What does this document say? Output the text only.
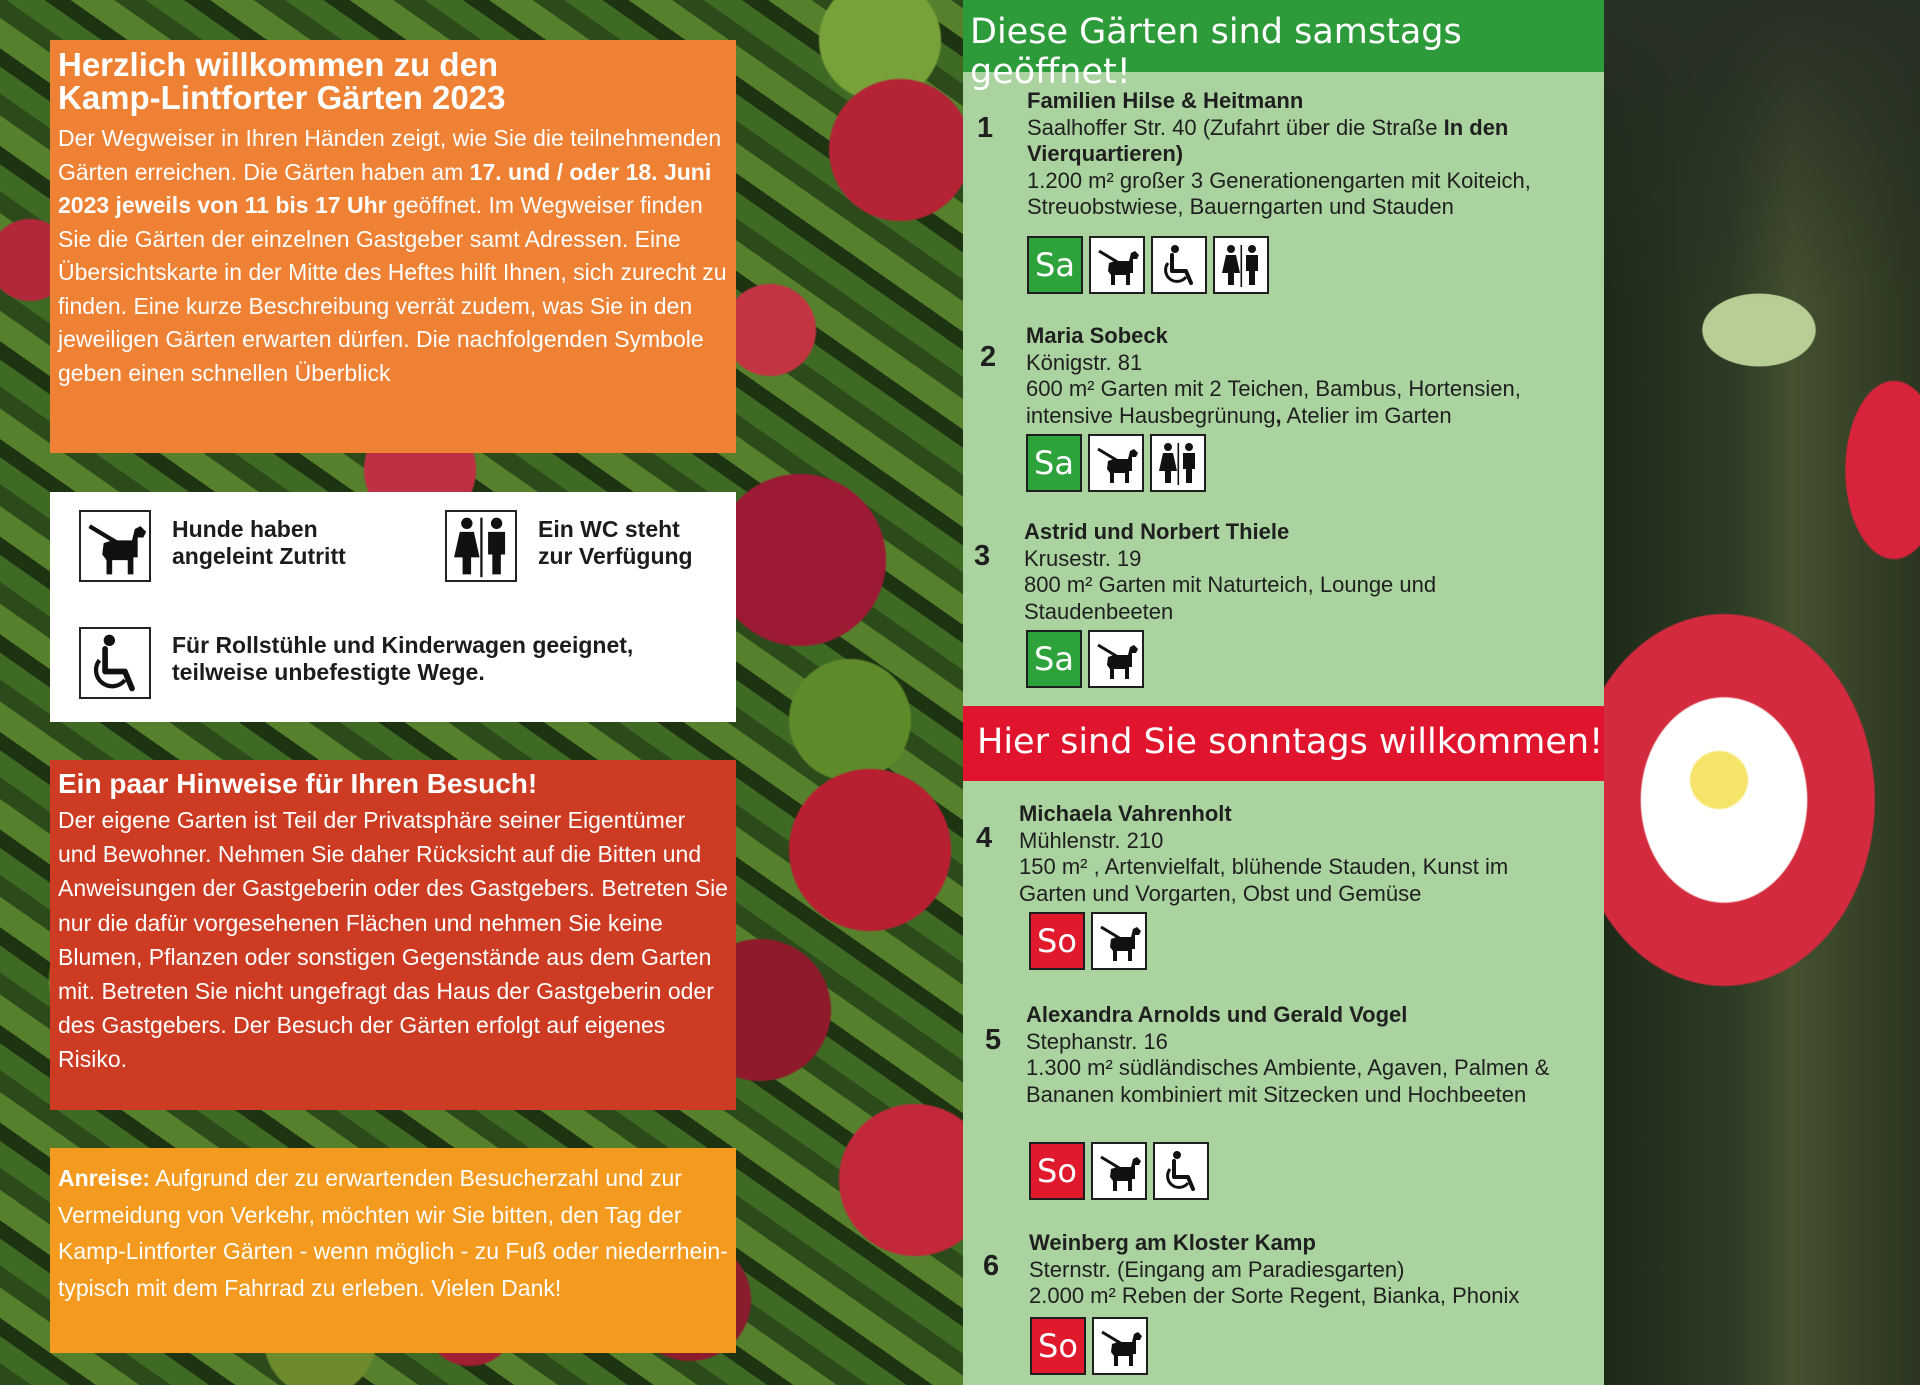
Herzlich willkommen zu den
Kamp-Lintforter Gärten 2023

Der Wegweiser in Ihren Händen zeigt, wie Sie die teilnehmenden Gärten erreichen. Die Gärten haben am 17. und / oder 18. Juni 2023 jeweils von 11 bis 17 Uhr geöffnet. Im Wegweiser finden Sie die Gärten der einzelnen Gastgeber samt Adressen. Eine Übersichtskarte in der Mitte des Heftes hilft Ihnen, sich zurecht zu finden. Eine kurze Beschreibung verrät zudem, was Sie in den jeweiligen Gärten erwarten dürfen. Die nachfolgenden Symbole geben einen schnellen Überblick

Hunde haben
angeleint Zutritt
Ein WC steht
zur Verfügung
Für Rollstühle und Kinderwagen geeignet,
teilweise unbefestigte Wege.
Ein paar Hinweise für Ihren Besuch!

Der eigene Garten ist Teil der Privatsphäre seiner Eigentümer und Bewohner. Nehmen Sie daher Rücksicht auf die Bitten und Anweisungen der Gastgeberin oder des Gastgebers. Betreten Sie nur die dafür vorgesehenen Flächen und nehmen Sie keine Blumen, Pflanzen oder sonstigen Gegenstände aus dem Garten mit. Betreten Sie nicht ungefragt das Haus der Gastgeberin oder des Gastgebers. Der Besuch der Gärten erfolgt auf eigenes Risiko.

Anreise: Aufgrund der zu erwartenden Besucherzahl und zur Vermeidung von Verkehr, möchten wir Sie bitten, den Tag der Kamp-Lintforter Gärten - wenn möglich - zu Fuß oder niederrhein-typisch mit dem Fahrrad zu erleben. Vielen Dank!

Diese Gärten sind samstags geöffnet!
1
Familien Hilse & Heitmann
Saalhoffer Str. 40 (Zufahrt über die Straße In den Vierquartieren)
1.200 m² großer 3 Generationengarten mit Koiteich, Streuobstwiese, Bauerngarten und Stauden
Sa
2
Maria Sobeck
Königstr. 81
600 m² Garten mit 2 Teichen, Bambus, Hortensien, intensive Hausbegrünung, Atelier im Garten
Sa
3
Astrid und Norbert Thiele
Krusestr. 19
800 m² Garten mit Naturteich, Lounge und Staudenbeeten
Sa
Hier sind Sie sonntags willkommen!
4
Michaela Vahrenholt
Mühlenstr. 210
150 m² , Artenvielfalt, blühende Stauden, Kunst im Garten und Vorgarten, Obst und Gemüse
So
5
Alexandra Arnolds und Gerald Vogel
Stephanstr. 16
1.300 m² südländisches Ambiente, Agaven, Palmen & Bananen kombiniert mit Sitzecken und Hochbeeten
So
6
Weinberg am Kloster Kamp
Sternstr. (Eingang am Paradiesgarten)
2.000 m² Reben der Sorte Regent, Bianka, Phonix
So
